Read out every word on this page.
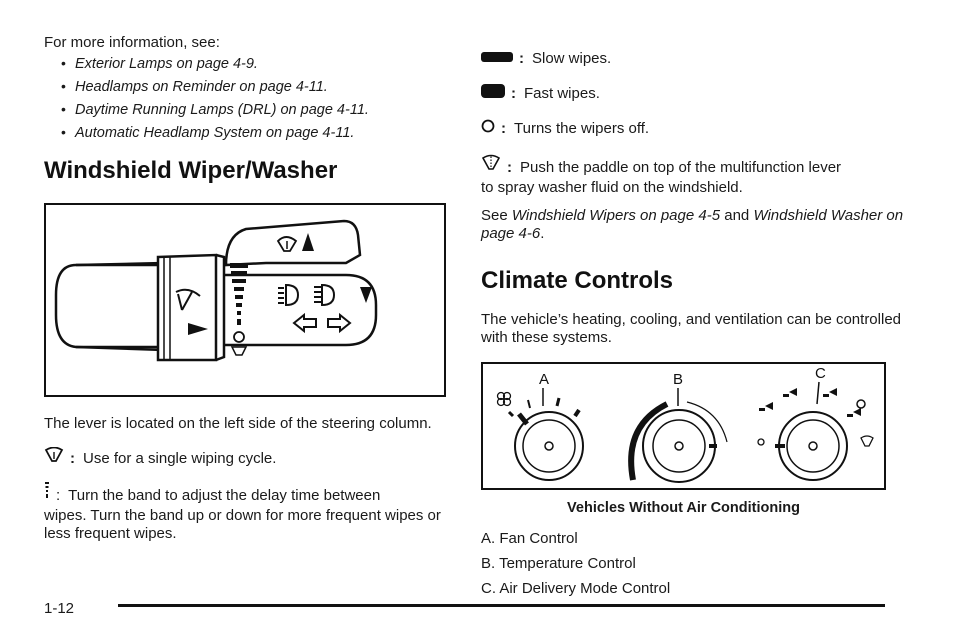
For more information, see:

• Exterior Lamps on page 4-9.
• Headlamps on Reminder on page 4-11.
• Daytime Running Lamps (DRL) on page 4-11.
• Automatic Headlamp System on page 4-11.
Windshield Wiper/Washer

The lever is located on the left side of the steering column.

: Use for a single wiping cycle.
: Turn the band to adjust the delay time between

wipes. Turn the band up or down for more frequent wipes or less frequent wipes.

: Slow wipes.
: Fast wipes.
: Turns the wipers off.
: Push the paddle on top of the multifunction lever

to spray washer fluid on the windshield.

See Windshield Wipers on page 4-5 and Windshield Washer on page 4-6.

Climate Controls

The vehicle’s heating, cooling, and ventilation can be controlled with these systems.

A	B	C
Vehicles Without Air Conditioning
A. Fan Control
B. Temperature Control
C. Air Delivery Mode Control
1-12
